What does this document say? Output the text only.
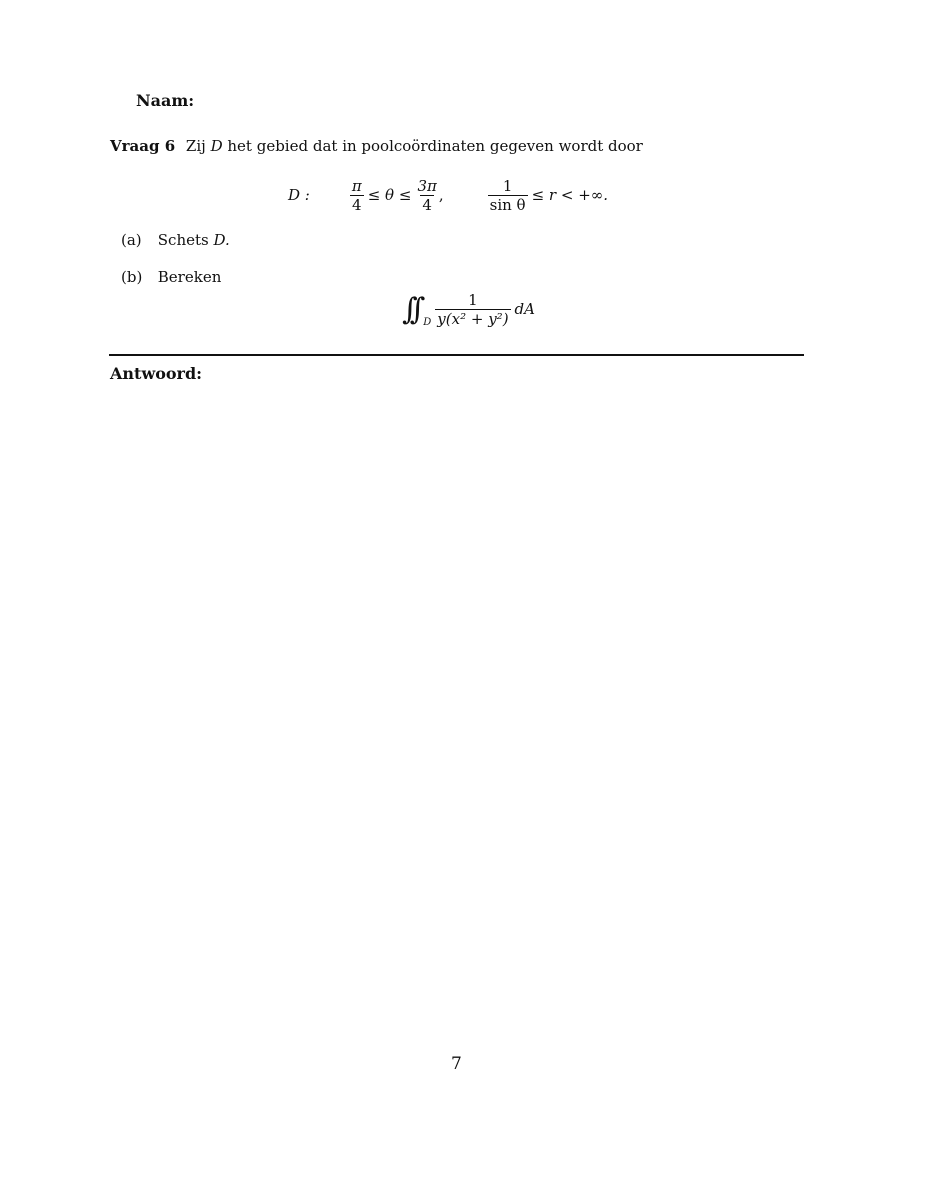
Naam:
Vraag 6 Zij D het gebied dat in poolcoördinaten gegeven wordt door
D :	$\frac{\pi}{4} \le \theta \le \frac{3\pi}{4}$ ,	$\frac{1}{\text{sin θ}} \le r$ < +∞.
(a) Schets D.
(b) Bereken
∫∫ D $\frac{1}{\text{y(x² + y²)}}$ dA
Antwoord:
7
